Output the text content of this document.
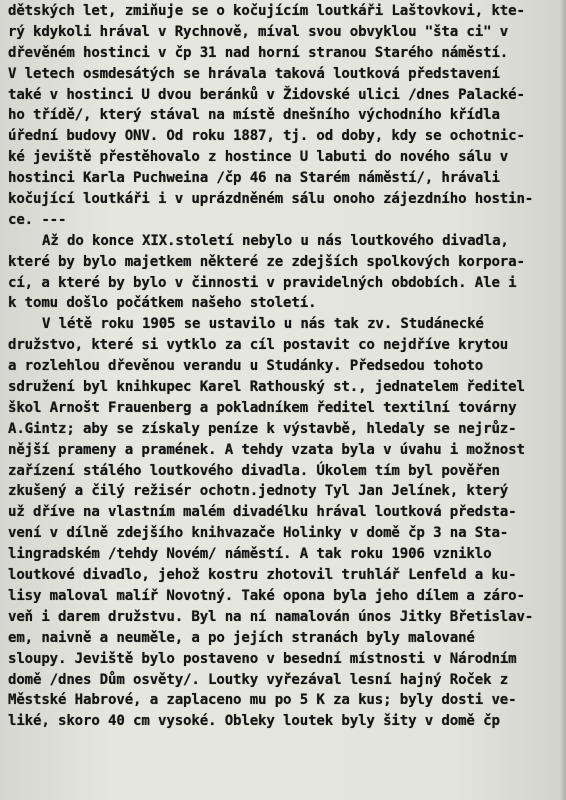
dětských let, zmiňuje se o kočujícím loutkáři Laštovkovi, kte-
rý kdykoli hrával v Rychnově, míval svou obvyklou "šta ci" v
dřevěném hostinci v čp 31 nad horní stranou Starého náměstí.
V letech osmdesátých se hrávala taková loutková představení
také v hostinci U dvou beránků v Židovské ulici /dnes Palacké-
ho třídě/, který stával na místě dnešního východního křídla
úřední budovy ONV. Od roku 1887, tj. od doby, kdy se ochotnic-
ké jeviště přestěhovalo z hostince U labuti do nového sálu v
hostinci Karla Puchweina /čp 46 na Starém náměstí/, hrávali
kočující loutkáři i v uprázdněném sálu onoho zájezdního hostin-
ce. ---
Až do konce XIX.století nebylo u nás loutkového divadla,
které by bylo majetkem některé ze zdejších spolkových korpora-
cí, a které by bylo v činnosti v pravidelných obdobích. Ale i
k tomu došlo počátkem našeho století.
V létě roku 1905 se ustavilo u nás tak zv. Studánecké
družstvo, které si vytklo za cíl postavit co nejdříve krytou
a rozlehlou dřevěnou verandu u Studánky. Předsedou tohoto
sdružení byl knihkupec Karel Rathouský st., jednatelem ředitel
škol Arnošt Frauenberg a pokladníkem ředitel textilní továrny
A.Gintz; aby se získaly peníze k výstavbě, hledaly se nejrůz-
nější prameny a pramének. A tehdy vzata byla v úvahu i možnost
zařízení stálého loutkového divadla. Úkolem tím byl pověřen
zkušený a čilý režisér ochotn.jednoty Tyl Jan Jelínek, který
už dříve na vlastním malém divadélku hrával loutková předsta-
vení v dílně zdejšího knihvazače Holinky v domě čp 3 na Sta-
lingradském /tehdy Novém/ náměstí. A tak roku 1906 vzniklo
loutkové divadlo, jehož kostru zhotovil truhlář Lenfeld a ku-
lisy maloval malíř Novotný. Také opona byla jeho dílem a záro-
veň i darem družstvu. Byl na ní namalován únos Jitky Břetislav-
em, naivně a neuměle, a po jejích stranách byly malované
sloupy. Jeviště bylo postaveno v besední místnosti v Národním
domě /dnes Dům osvěty/. Loutky vyřezával lesní hajný Roček z
Městské Habrové, a zaplaceno mu po 5 K za kus; byly dosti ve-
liké, skoro 40 cm vysoké. Obleky loutek byly šity v domě čp
